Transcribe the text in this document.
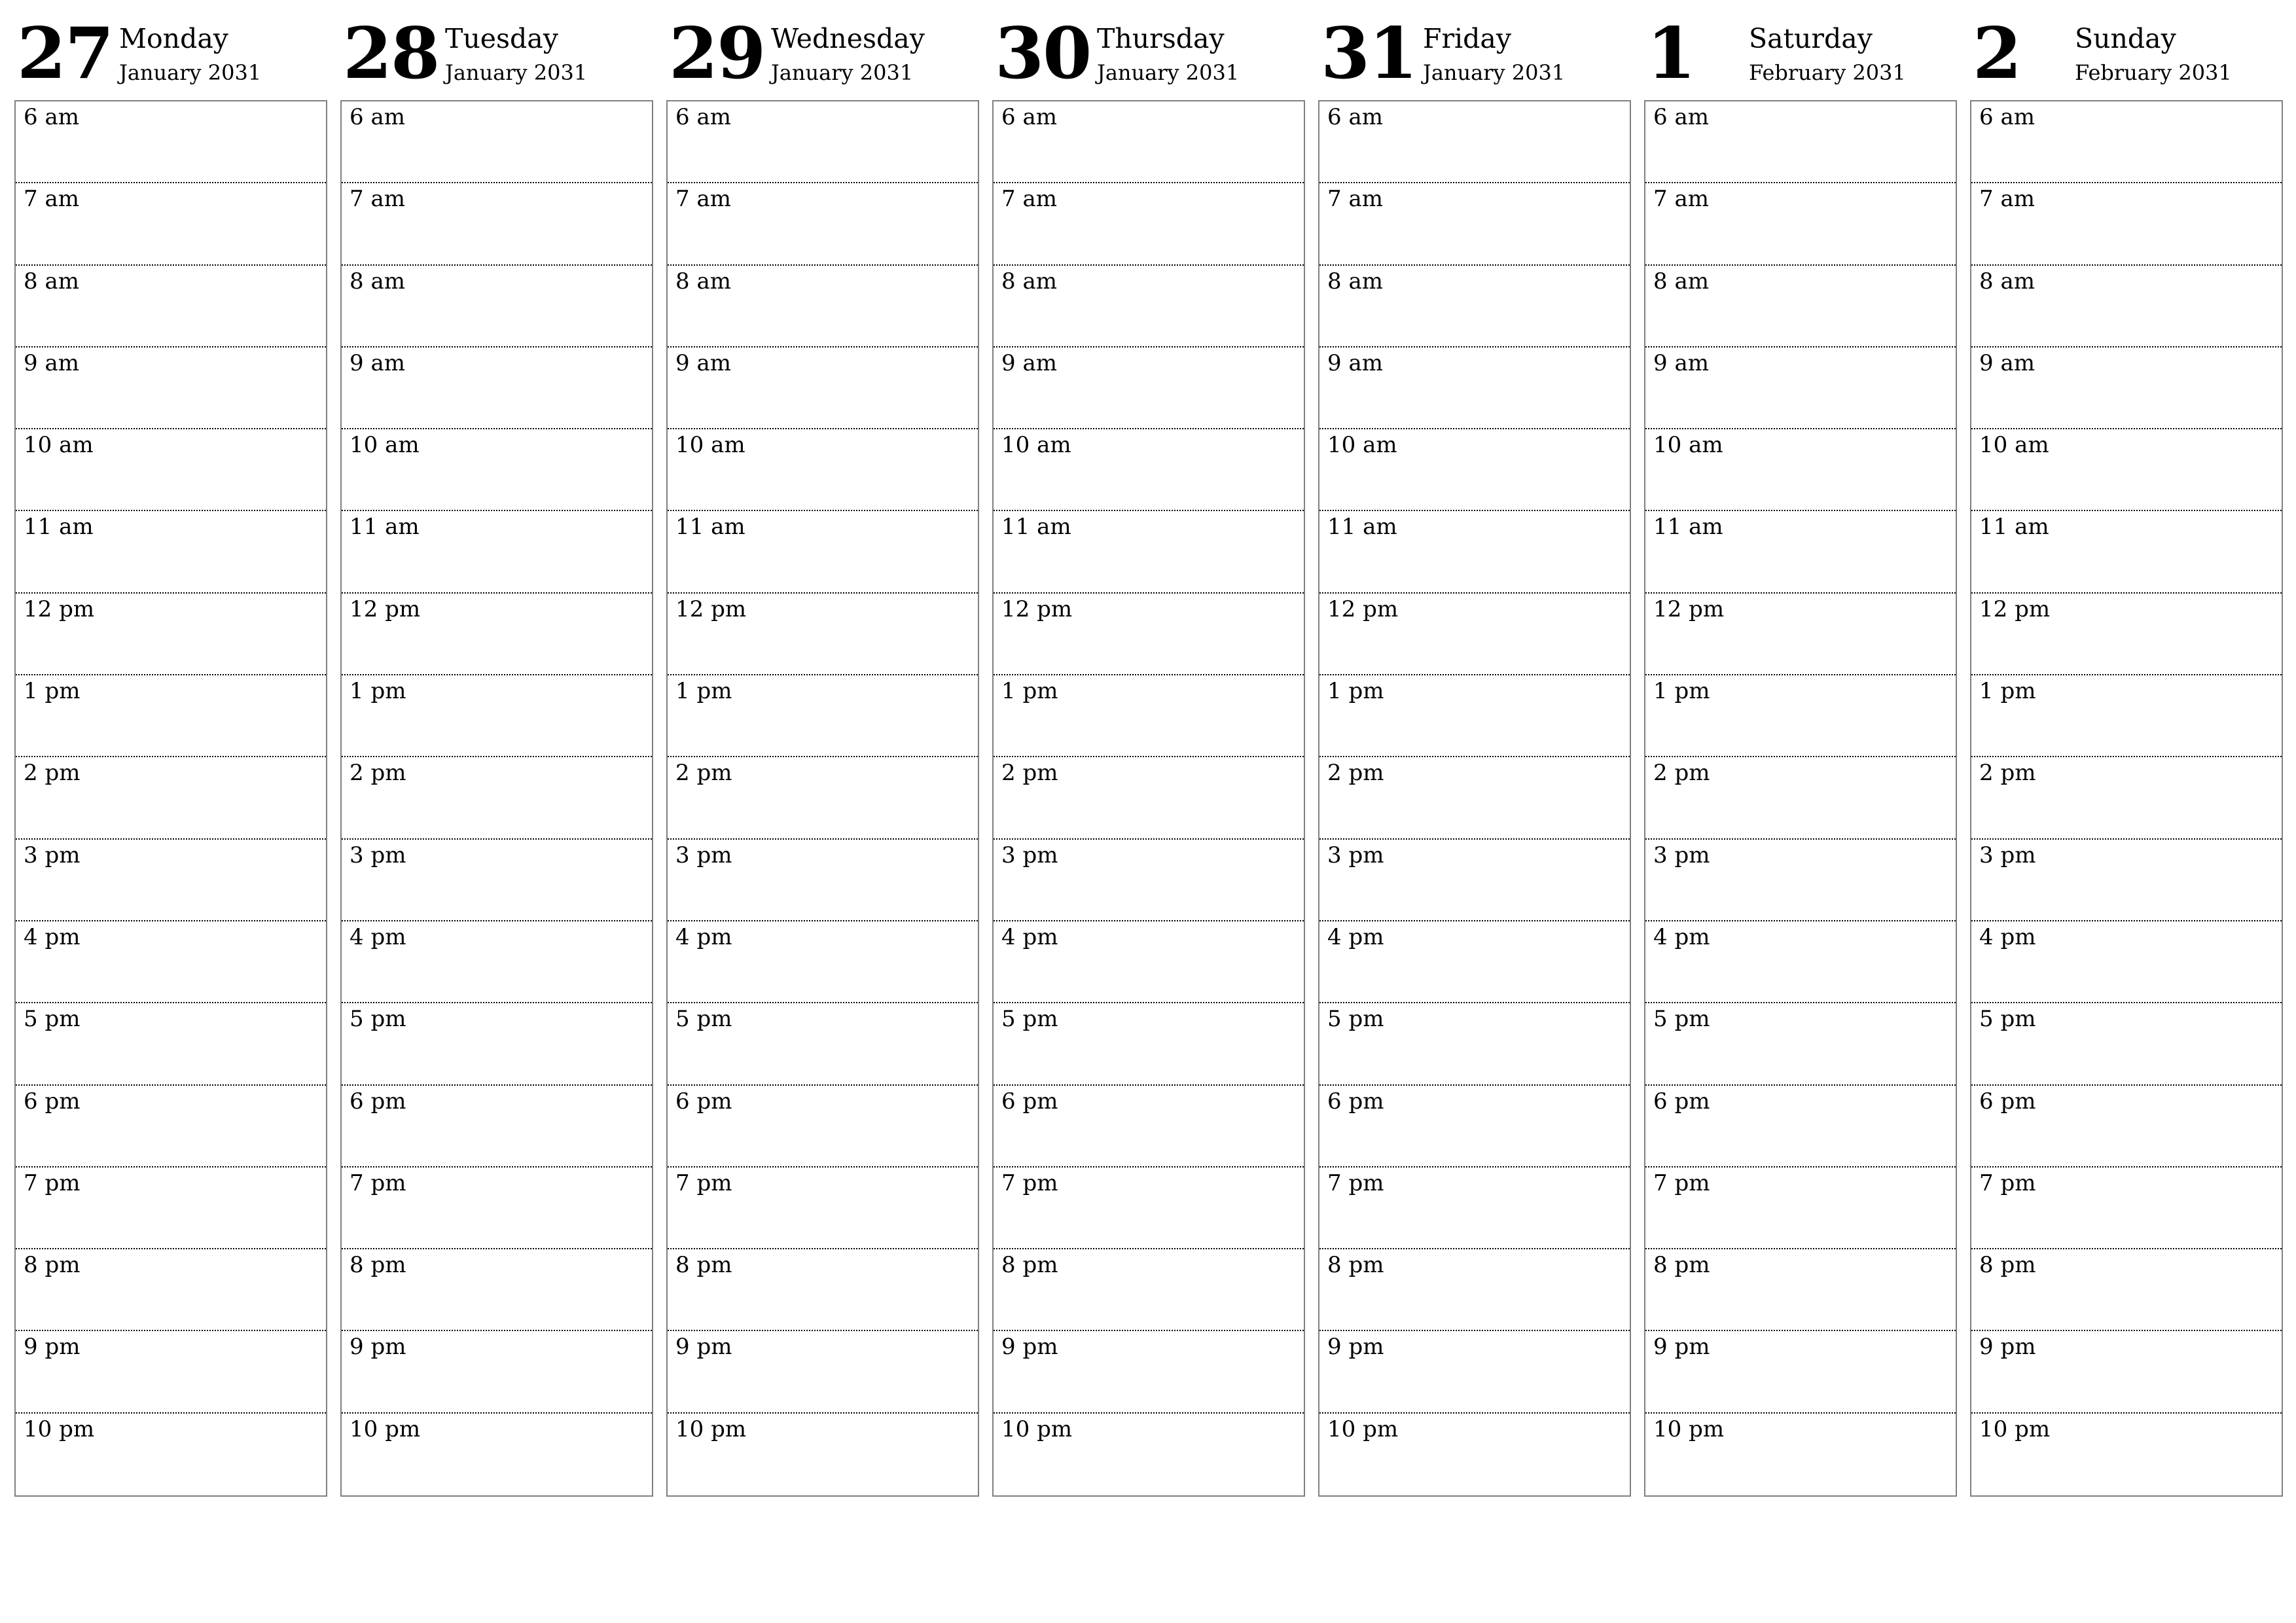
27 Monday
January 2031
6 am
7 am
8 am
9 am
10 am
11 am
12 pm
1 pm
2 pm
3 pm
4 pm
5 pm
6 pm
7 pm
8 pm
9 pm
10 pm
28 Tuesday
January 2031
6 am
7 am
8 am
9 am
10 am
11 am
12 pm
1 pm
2 pm
3 pm
4 pm
5 pm
6 pm
7 pm
8 pm
9 pm
10 pm
29 Wednesday
January 2031
6 am
7 am
8 am
9 am
10 am
11 am
12 pm
1 pm
2 pm
3 pm
4 pm
5 pm
6 pm
7 pm
8 pm
9 pm
10 pm
30 Thursday
January 2031
6 am
7 am
8 am
9 am
10 am
11 am
12 pm
1 pm
2 pm
3 pm
4 pm
5 pm
6 pm
7 pm
8 pm
9 pm
10 pm
31 Friday
January 2031
6 am
7 am
8 am
9 am
10 am
11 am
12 pm
1 pm
2 pm
3 pm
4 pm
5 pm
6 pm
7 pm
8 pm
9 pm
10 pm
1 Saturday
February 2031
6 am
7 am
8 am
9 am
10 am
11 am
12 pm
1 pm
2 pm
3 pm
4 pm
5 pm
6 pm
7 pm
8 pm
9 pm
10 pm
2 Sunday
February 2031
6 am
7 am
8 am
9 am
10 am
11 am
12 pm
1 pm
2 pm
3 pm
4 pm
5 pm
6 pm
7 pm
8 pm
9 pm
10 pm
